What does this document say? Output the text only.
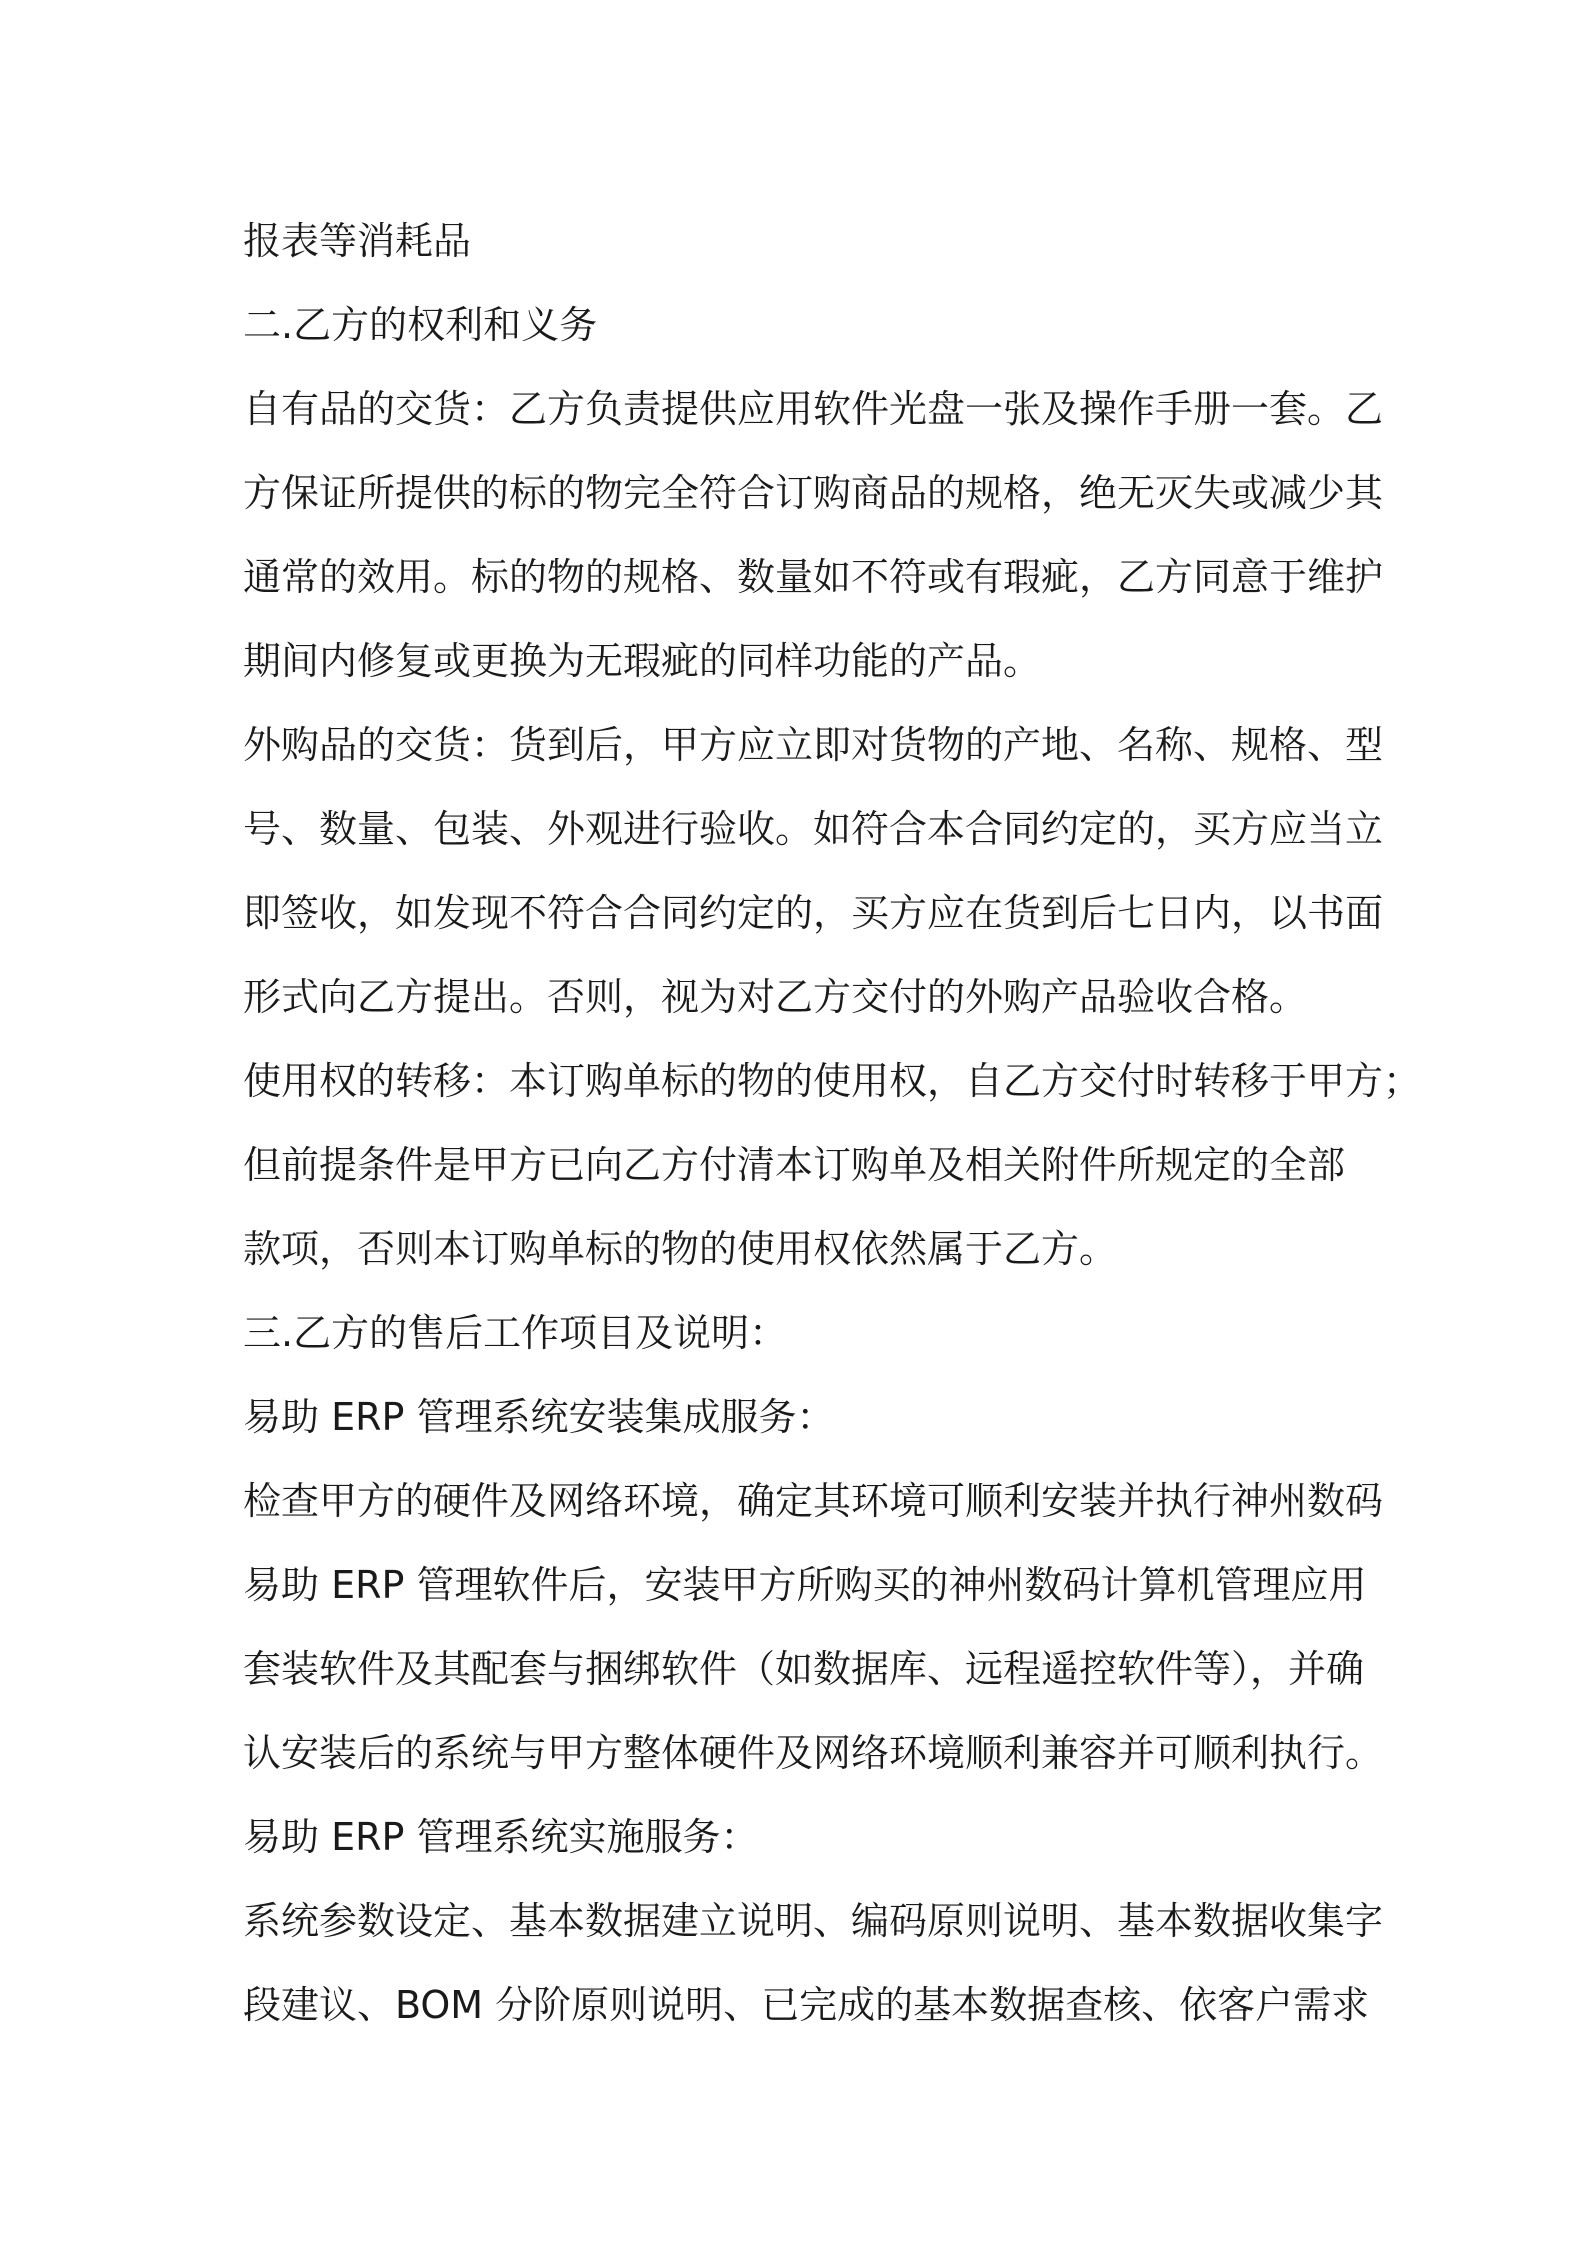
报表等消耗品
二.乙方的权利和义务
自有品的交货：乙方负责提供应用软件光盘一张及操作手册一套。乙
方保证所提供的标的物完全符合订购商品的规格，绝无灭失或减少其
通常的效用。标的物的规格、数量如不符或有瑕疵，乙方同意于维护
期间内修复或更换为无瑕疵的同样功能的产品。
外购品的交货：货到后，甲方应立即对货物的产地、名称、规格、型
号、数量、包装、外观进行验收。如符合本合同约定的，买方应当立
即签收，如发现不符合合同约定的，买方应在货到后七日内，以书面
形式向乙方提出。否则，视为对乙方交付的外购产品验收合格。
使用权的转移：本订购单标的物的使用权，自乙方交付时转移于甲方；
但前提条件是甲方已向乙方付清本订购单及相关附件所规定的全部
款项，否则本订购单标的物的使用权依然属于乙方。
三.乙方的售后工作项目及说明：
易助 ERP 管理系统安装集成服务：
检查甲方的硬件及网络环境，确定其环境可顺利安装并执行神州数码
易助 ERP 管理软件后，安装甲方所购买的神州数码计算机管理应用
套装软件及其配套与捆绑软件（如数据库、远程遥控软件等），并确
认安装后的系统与甲方整体硬件及网络环境顺利兼容并可顺利执行。
易助 ERP 管理系统实施服务：
系统参数设定、基本数据建立说明、编码原则说明、基本数据收集字
段建议、BOM 分阶原则说明、已完成的基本数据查核、依客户需求
